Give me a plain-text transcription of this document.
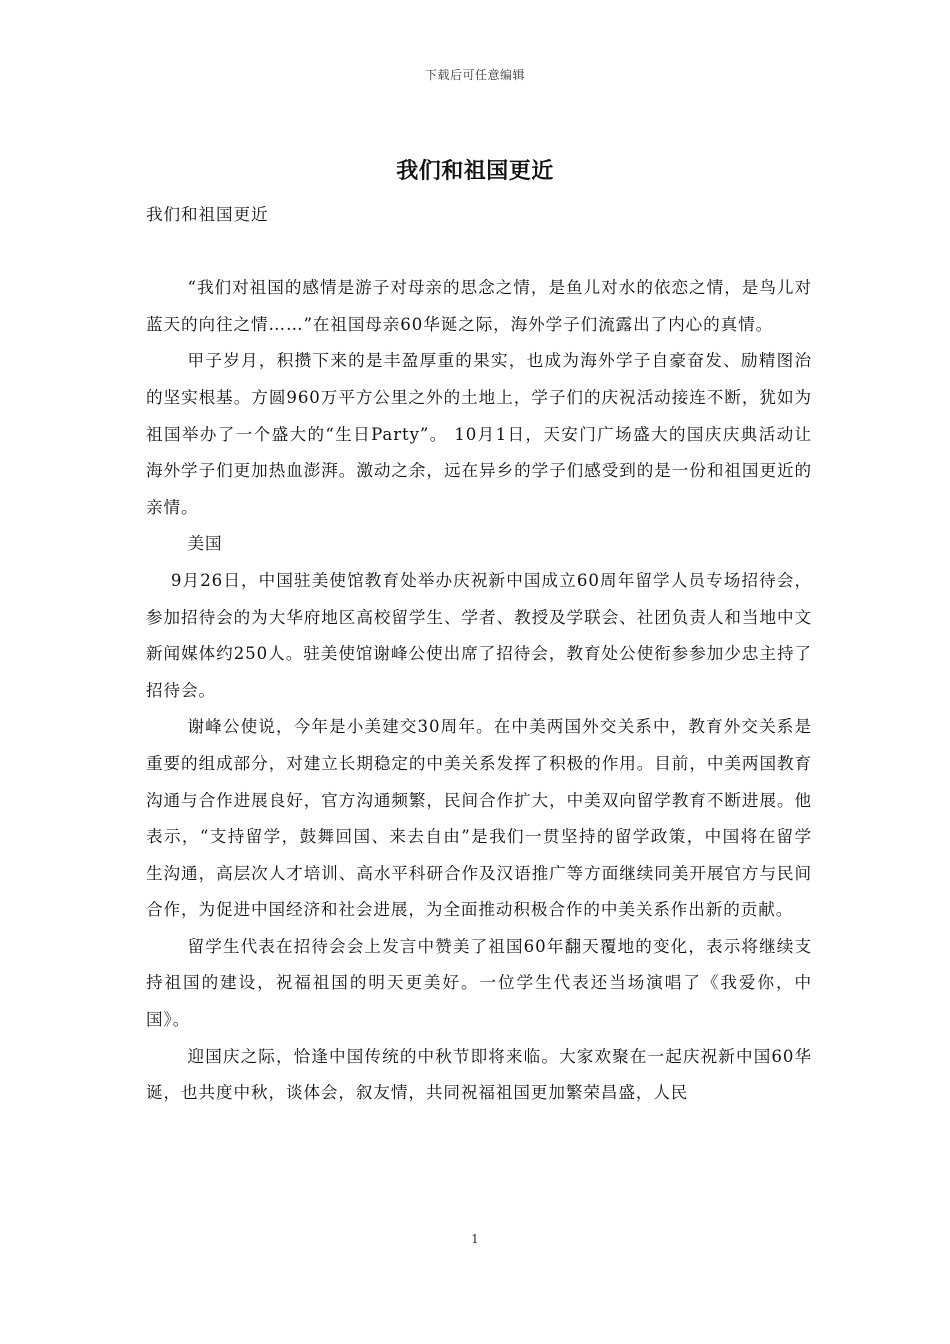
下载后可任意编辑
我们和祖国更近

我们和祖国更近

“我们对祖国的感情是游子对母亲的思念之情，是鱼儿对水的依恋之情，是鸟儿对蓝天的向往之情……”在祖国母亲60华诞之际，海外学子们流露出了内心的真情。

甲子岁月，积攒下来的是丰盈厚重的果实，也成为海外学子自豪奋发、励精图治的坚实根基。方圆960万平方公里之外的土地上，学子们的庆祝活动接连不断，犹如为祖国举办了一个盛大的“生日Party”。 10月1日，天安门广场盛大的国庆庆典活动让海外学子们更加热血澎湃。激动之余，远在异乡的学子们感受到的是一份和祖国更近的亲情。

美国

9月26日，中国驻美使馆教育处举办庆祝新中国成立60周年留学人员专场招待会，参加招待会的为大华府地区高校留学生、学者、教授及学联会、社团负责人和当地中文新闻媒体约250人。驻美使馆谢峰公使出席了招待会，教育处公使衔参参加少忠主持了招待会。

谢峰公使说，今年是小美建交30周年。在中美两国外交关系中，教育外交关系是重要的组成部分，对建立长期稳定的中美关系发挥了积极的作用。目前，中美两国教育沟通与合作进展良好，官方沟通频繁，民间合作扩大，中美双向留学教育不断进展。他表示，“支持留学，鼓舞回国、来去自由”是我们一贯坚持的留学政策，中国将在留学生沟通，高层次人才培训、高水平科研合作及汉语推广等方面继续同美开展官方与民间合作，为促进中国经济和社会进展，为全面推动积极合作的中美关系作出新的贡献。

留学生代表在招待会会上发言中赞美了祖国60年翻天覆地的变化，表示将继续支持祖国的建设，祝福祖国的明天更美好。一位学生代表还当场演唱了《我爱你，中国》。

迎国庆之际，恰逢中国传统的中秋节即将来临。大家欢聚在一起庆祝新中国60华诞，也共度中秋，谈体会，叙友情，共同祝福祖国更加繁荣昌盛，人民

1
